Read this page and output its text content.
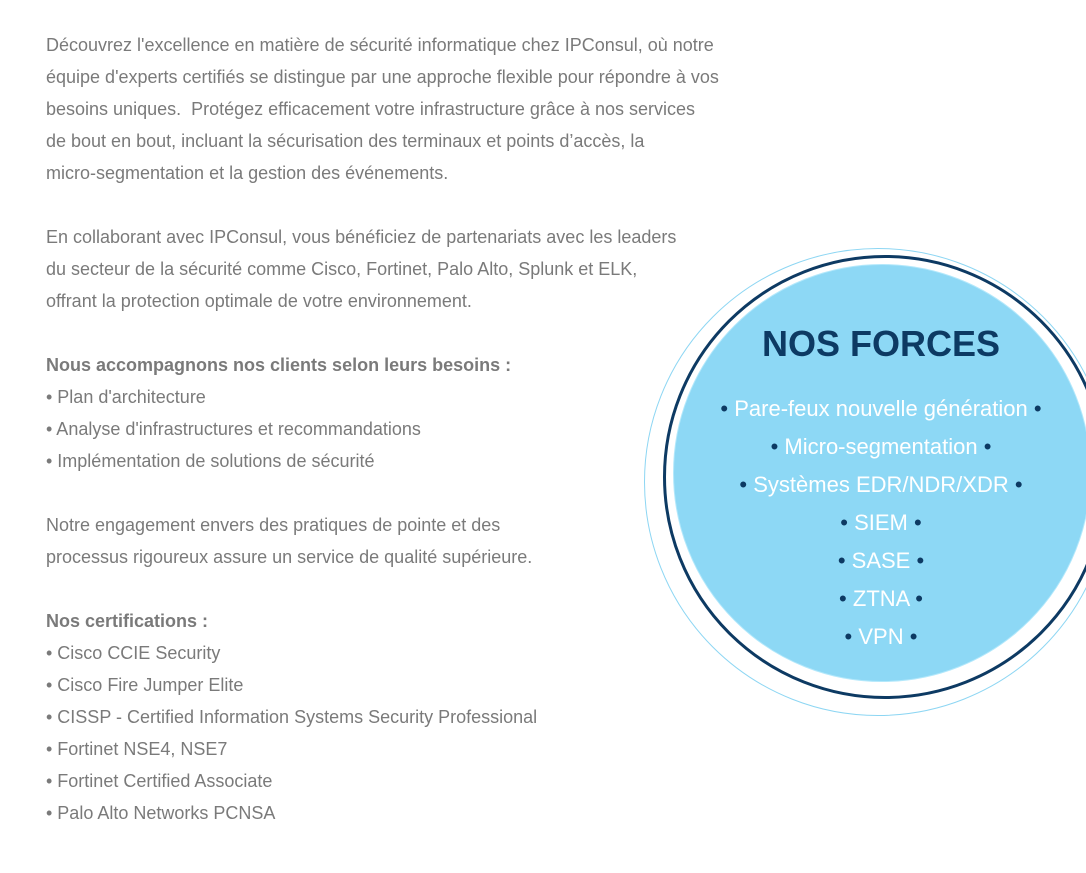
Découvrez l'excellence en matière de sécurité informatique chez IPConsul, où notre

équipe d'experts certifiés se distingue par une approche flexible pour répondre à vos

besoins uniques.  Protégez efficacement votre infrastructure grâce à nos services

de bout en bout, incluant la sécurisation des terminaux et points d’accès, la

micro-segmentation et la gestion des événements.

En collaborant avec IPConsul, vous bénéficiez de partenariats avec les leaders

du secteur de la sécurité comme Cisco, Fortinet, Palo Alto, Splunk et ELK,

offrant la protection optimale de votre environnement.

Nous accompagnons nos clients selon leurs besoins :

• Plan d'architecture

• Analyse d'infrastructures et recommandations

• Implémentation de solutions de sécurité

Notre engagement envers des pratiques de pointe et des

processus rigoureux assure un service de qualité supérieure.

Nos certifications :

• Cisco CCIE Security

• Cisco Fire Jumper Elite

• CISSP - Certified Information Systems Security Professional

• Fortinet NSE4, NSE7

• Fortinet Certified Associate

• Palo Alto Networks PCNSA

NOS FORCES
• Pare-feux nouvelle génération •
• Micro-segmentation •
• Systèmes EDR/NDR/XDR •
• SIEM •
• SASE •
• ZTNA •
• VPN •
